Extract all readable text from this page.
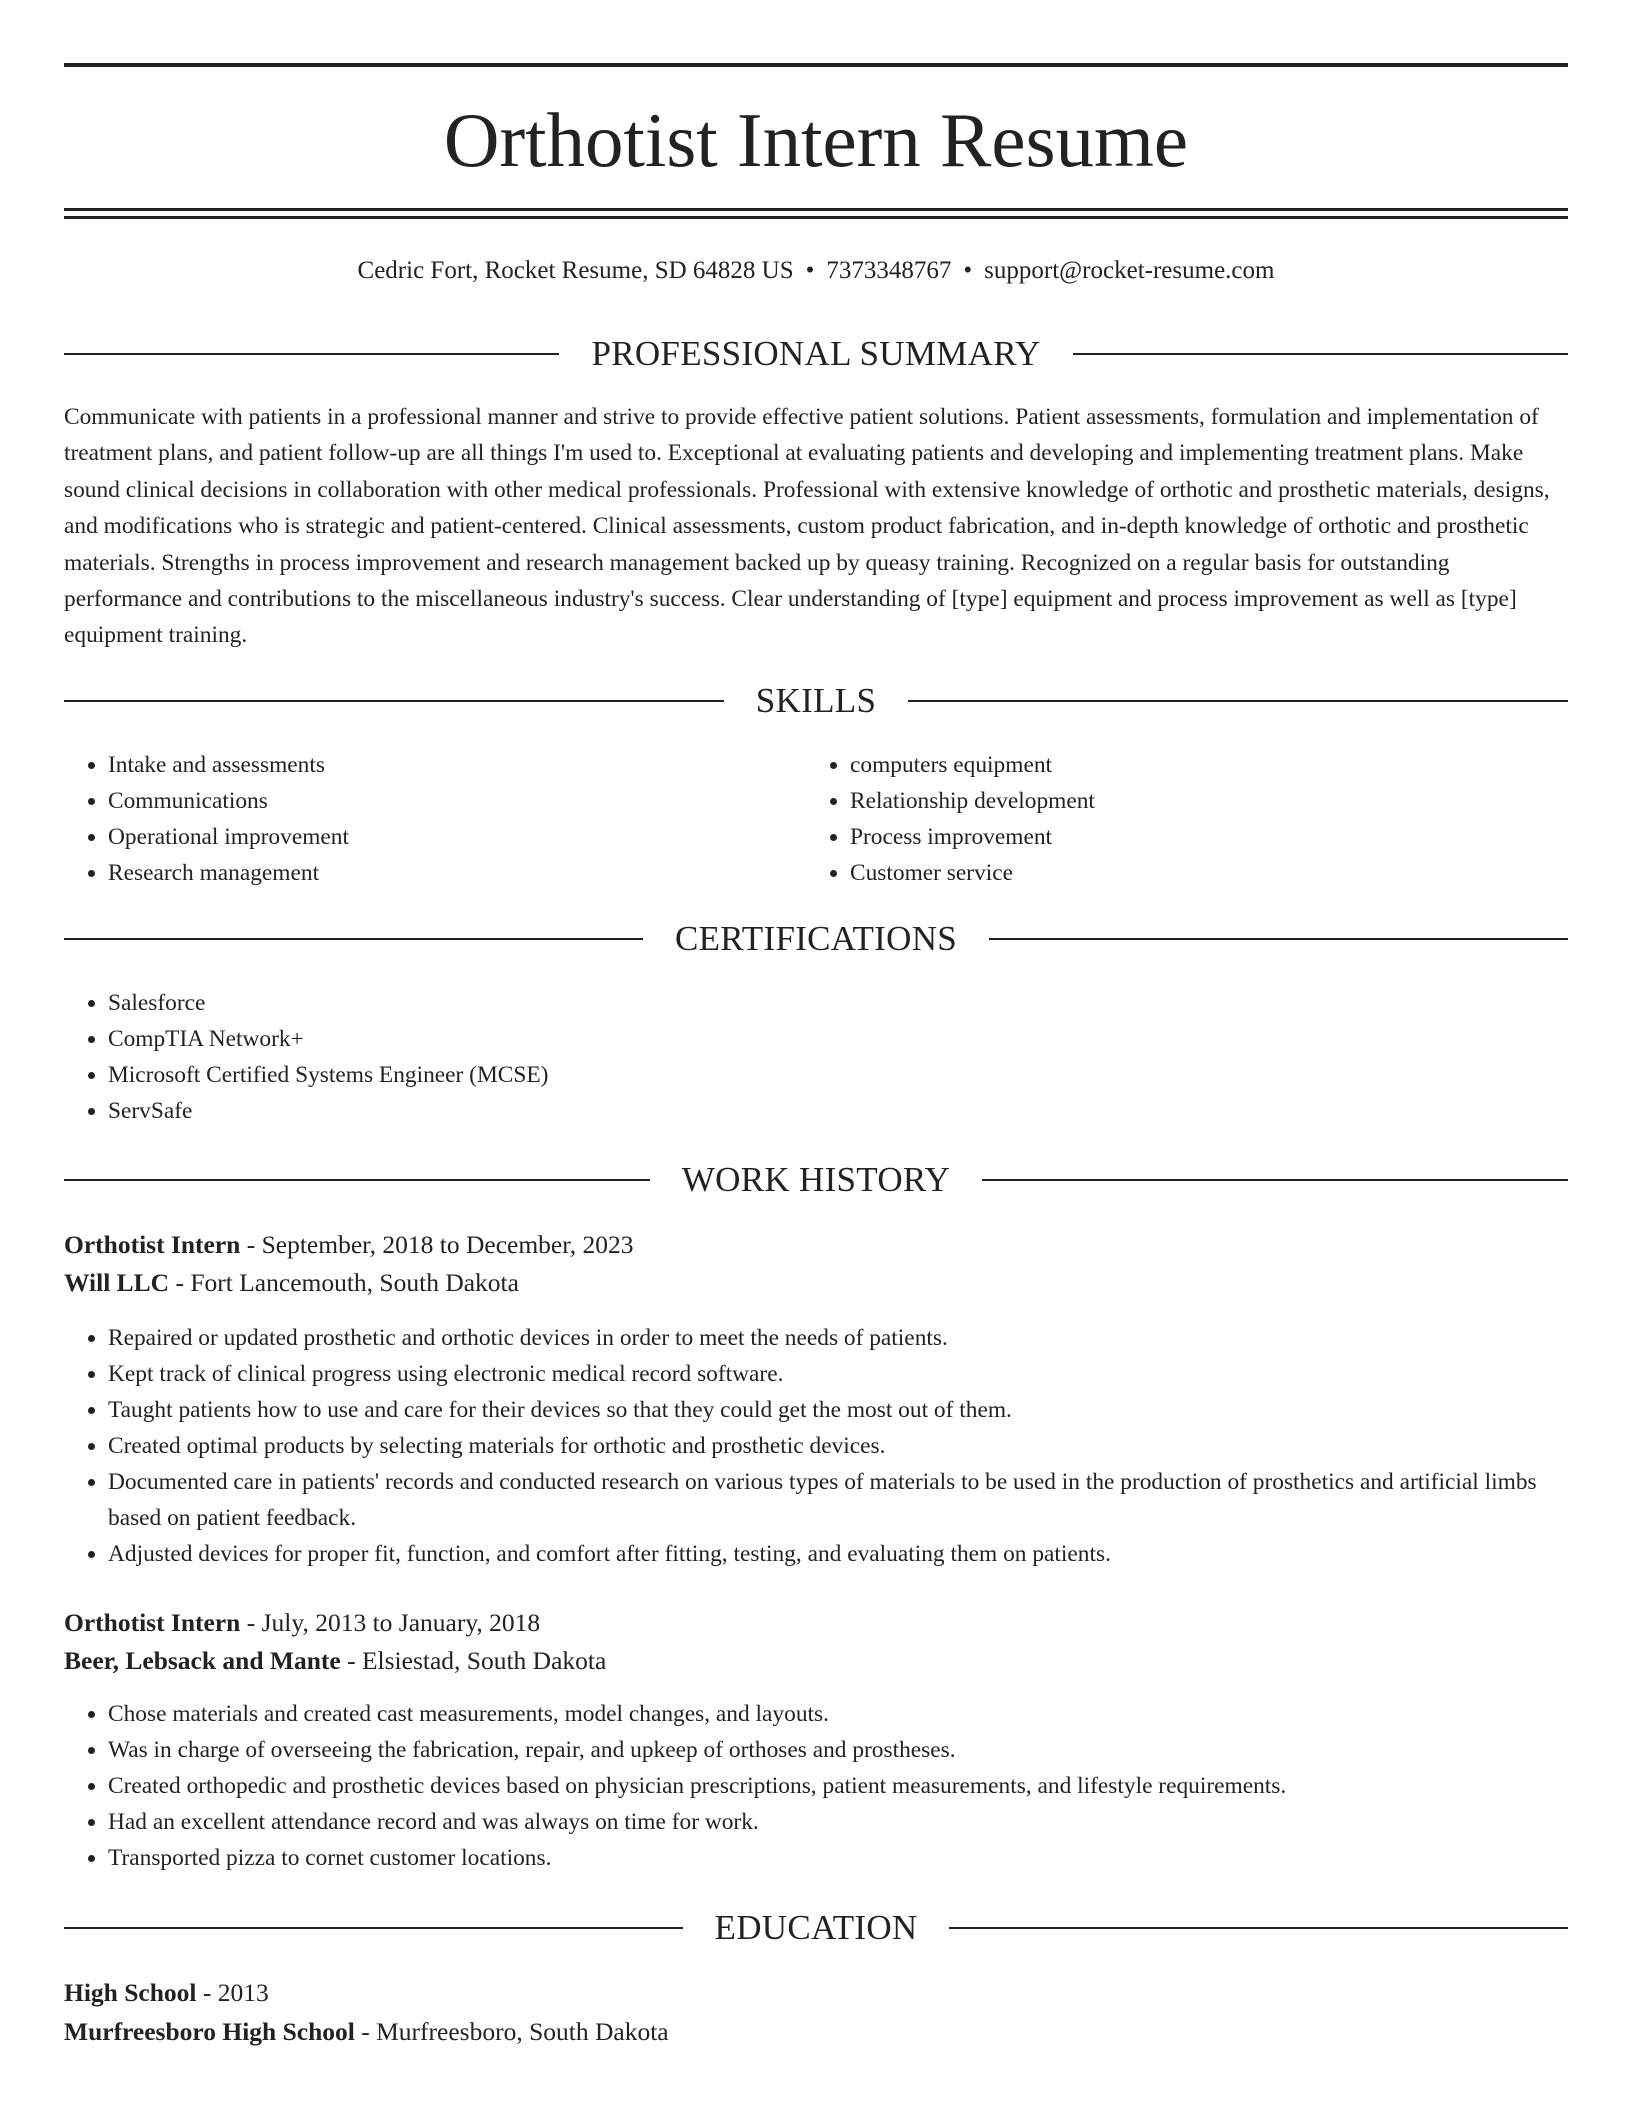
Orthotist Intern Resume
Cedric Fort, Rocket Resume, SD 64828 US • 7373348767 • support@rocket-resume.com
PROFESSIONAL SUMMARY

Communicate with patients in a professional manner and strive to provide effective patient solutions. Patient assessments, formulation and implementation of treatment plans, and patient follow-up are all things I'm used to. Exceptional at evaluating patients and developing and implementing treatment plans. Make sound clinical decisions in collaboration with other medical professionals. Professional with extensive knowledge of orthotic and prosthetic materials, designs, and modifications who is strategic and patient-centered. Clinical assessments, custom product fabrication, and in-depth knowledge of orthotic and prosthetic materials. Strengths in process improvement and research management backed up by queasy training. Recognized on a regular basis for outstanding performance and contributions to the miscellaneous industry's success. Clear understanding of [type] equipment and process improvement as well as [type] equipment training.

SKILLS
• Intake and assessments
• Communications
• Operational improvement
• Research management
• computers equipment
• Relationship development
• Process improvement
• Customer service
CERTIFICATIONS
• Salesforce
• CompTIA Network+
• Microsoft Certified Systems Engineer (MCSE)
• ServSafe
WORK HISTORY
Orthotist Intern - September, 2018 to December, 2023
Will LLC - Fort Lancemouth, South Dakota
• Repaired or updated prosthetic and orthotic devices in order to meet the needs of patients.
• Kept track of clinical progress using electronic medical record software.
• Taught patients how to use and care for their devices so that they could get the most out of them.
• Created optimal products by selecting materials for orthotic and prosthetic devices.
• Documented care in patients' records and conducted research on various types of materials to be used in the production of prosthetics and artificial limbs based on patient feedback.
• Adjusted devices for proper fit, function, and comfort after fitting, testing, and evaluating them on patients.
Orthotist Intern - July, 2013 to January, 2018
Beer, Lebsack and Mante - Elsiestad, South Dakota
• Chose materials and created cast measurements, model changes, and layouts.
• Was in charge of overseeing the fabrication, repair, and upkeep of orthoses and prostheses.
• Created orthopedic and prosthetic devices based on physician prescriptions, patient measurements, and lifestyle requirements.
• Had an excellent attendance record and was always on time for work.
• Transported pizza to cornet customer locations.
EDUCATION
High School - 2013
Murfreesboro High School - Murfreesboro, South Dakota
